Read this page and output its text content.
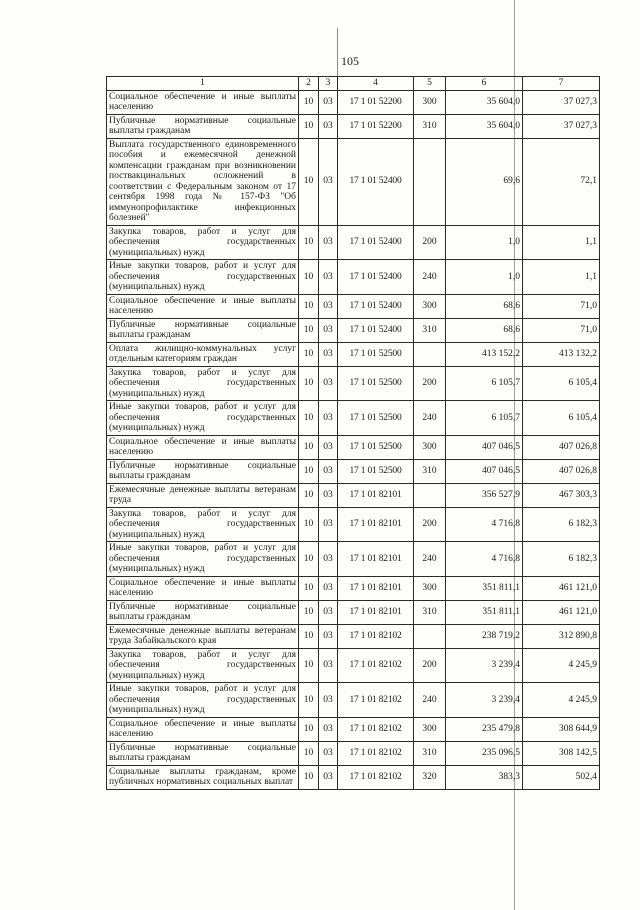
105
1	2	3	4	5	6	7
Социальное обеспечение и иные выплаты населению	10	03	17 1 01 52200	300	35 604,0	37 027,3
Публичные нормативные социальные выплаты гражданам	10	03	17 1 01 52200	310	35 604,0	37 027,3
Выплата государственного единовременного пособия и ежемесячной денежной компенсации гражданам при возникновении поствакцинальных осложнений в соответствии с Федеральным законом от 17 сентября 1998 года № 157-ФЗ "Об иммунопрофилактике инфекционных болезней"	10	03	17 1 01 52400		69,6	72,1
Закупка товаров, работ и услуг для обеспечения государственных (муниципальных) нужд	10	03	17 1 01 52400	200	1,0	1,1
Иные закупки товаров, работ и услуг для обеспечения государственных (муниципальных) нужд	10	03	17 1 01 52400	240	1,0	1,1
Социальное обеспечение и иные выплаты населению	10	03	17 1 01 52400	300	68,6	71,0
Публичные нормативные социальные выплаты гражданам	10	03	17 1 01 52400	310	68,6	71,0
Оплата жилищно-коммунальных услуг отдельным категориям граждан	10	03	17 1 01 52500		413 152,2	413 132,2
Закупка товаров, работ и услуг для обеспечения государственных (муниципальных) нужд	10	03	17 1 01 52500	200	6 105,7	6 105,4
Иные закупки товаров, работ и услуг для обеспечения государственных (муниципальных) нужд	10	03	17 1 01 52500	240	6 105,7	6 105,4
Социальное обеспечение и иные выплаты населению	10	03	17 1 01 52500	300	407 046,5	407 026,8
Публичные нормативные социальные выплаты гражданам	10	03	17 1 01 52500	310	407 046,5	407 026,8
Ежемесячные денежные выплаты ветеранам труда	10	03	17 1 01 82101		356 527,9	467 303,3
Закупка товаров, работ и услуг для обеспечения государственных (муниципальных) нужд	10	03	17 1 01 82101	200	4 716,8	6 182,3
Иные закупки товаров, работ и услуг для обеспечения государственных (муниципальных) нужд	10	03	17 1 01 82101	240	4 716,8	6 182,3
Социальное обеспечение и иные выплаты населению	10	03	17 1 01 82101	300	351 811,1	461 121,0
Публичные нормативные социальные выплаты гражданам	10	03	17 1 01 82101	310	351 811,1	461 121,0
Ежемесячные денежные выплаты ветеранам труда Забайкальского края	10	03	17 1 01 82102		238 719,2	312 890,8
Закупка товаров, работ и услуг для обеспечения государственных (муниципальных) нужд	10	03	17 1 01 82102	200	3 239,4	4 245,9
Иные закупки товаров, работ и услуг для обеспечения государственных (муниципальных) нужд	10	03	17 1 01 82102	240	3 239,4	4 245,9
Социальное обеспечение и иные выплаты населению	10	03	17 1 01 82102	300	235 479,8	308 644,9
Публичные нормативные социальные выплаты гражданам	10	03	17 1 01 82102	310	235 096,5	308 142,5
Социальные выплаты гражданам, кроме публичных нормативных социальных выплат	10	03	17 1 01 82102	320	383,3	502,4
